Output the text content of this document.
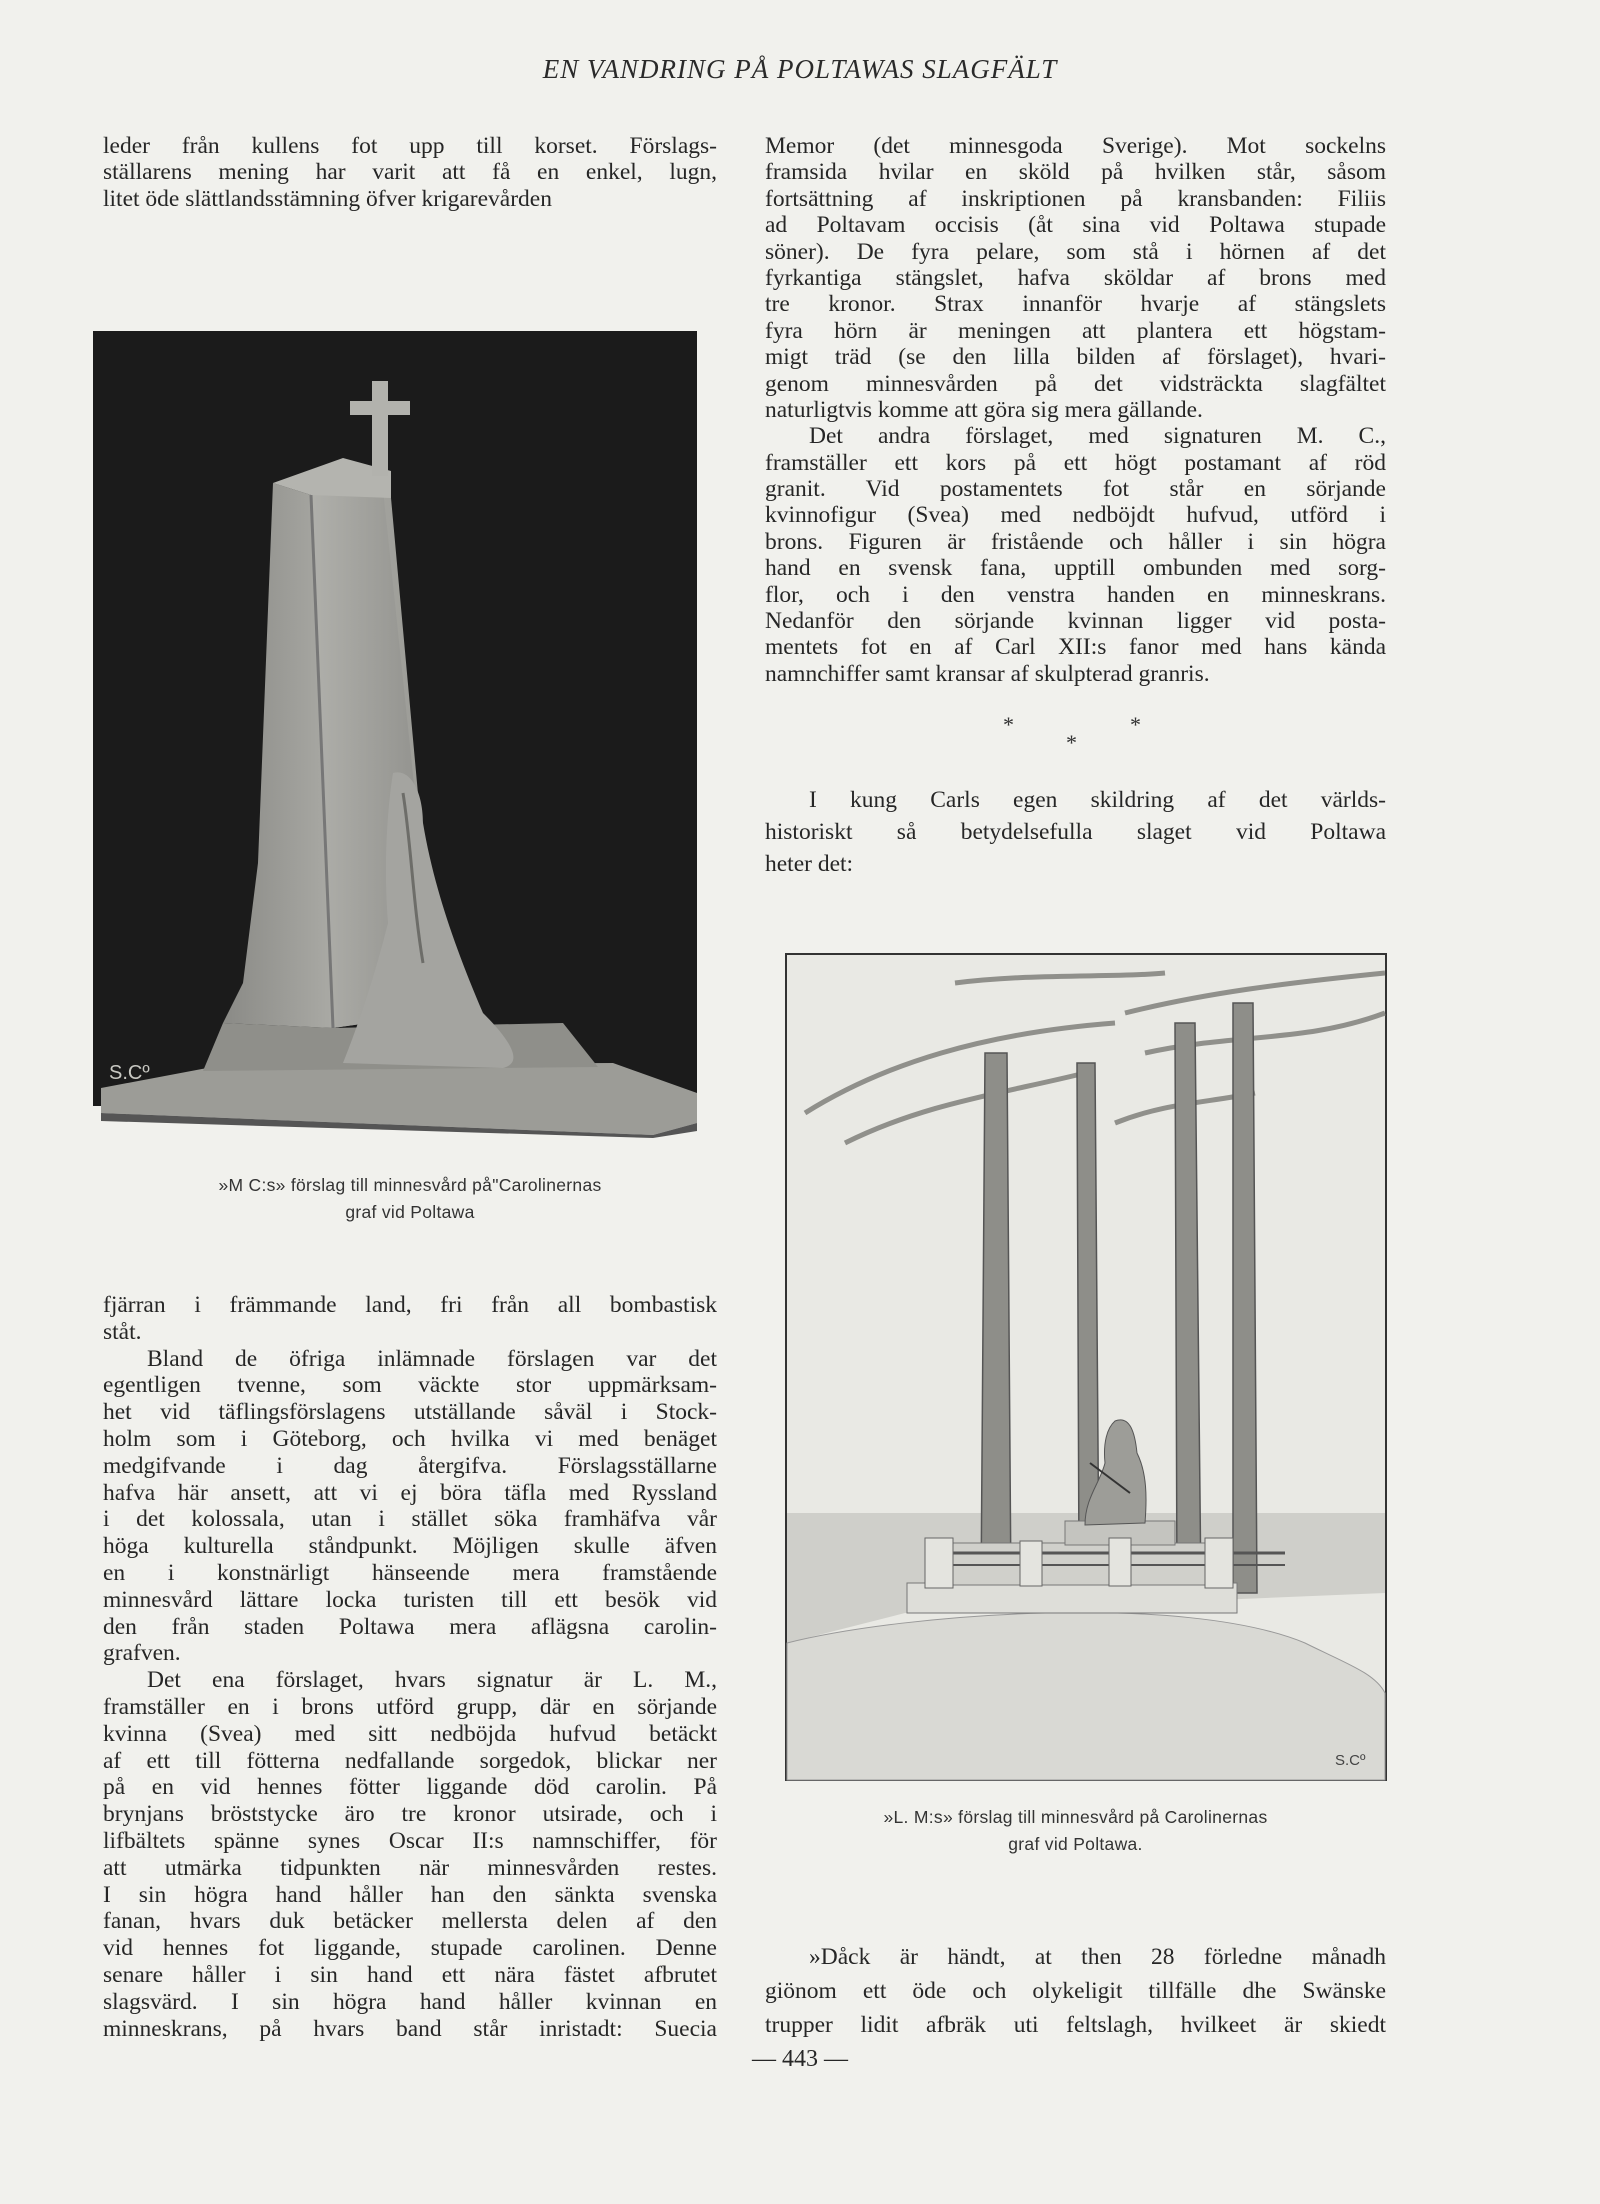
EN VANDRING PÅ POLTAWAS SLAGFÄLT
leder från kullens fot upp till korset. Förslags-
ställarens mening har varit att få en enkel, lugn,
litet öde slättlandsstämning öfver krigarevården
S.Cº
»M C:s» förslag till minnesvård på"Carolinernas
graf vid Poltawa
fjärran i främmande land, fri från all bombastisk
ståt.
Bland de öfriga inlämnade förslagen var det
egentligen tvenne, som väckte stor uppmärksam-
het vid täflingsförslagens utställande såväl i Stock-
holm som i Göteborg, och hvilka vi med benäget
medgifvande i dag återgifva. Förslagsställarne
hafva här ansett, att vi ej böra täfla med Ryssland
i det kolossala, utan i stället söka framhäfva vår
höga kulturella ståndpunkt. Möjligen skulle äfven
en i konstnärligt hänseende mera framstående
minnesvård lättare locka turisten till ett besök vid
den från staden Poltawa mera aflägsna carolin-
grafven.
Det ena förslaget, hvars signatur är L. M.,
framställer en i brons utförd grupp, där en sörjande
kvinna (Svea) med sitt nedböjda hufvud betäckt
af ett till fötterna nedfallande sorgedok, blickar ner
på en vid hennes fötter liggande död carolin. På
brynjans bröststycke äro tre kronor utsirade, och i
lifbältets spänne synes Oscar II:s namnschiffer, för
att utmärka tidpunkten när minnesvården restes.
I sin högra hand håller han den sänkta svenska
fanan, hvars duk betäcker mellersta delen af den
vid hennes fot liggande, stupade carolinen. Denne
senare håller i sin hand ett nära fästet afbrutet
slagsvärd. I sin högra hand håller kvinnan en
minneskrans, på hvars band står inristadt: Suecia
Memor (det minnesgoda Sverige). Mot sockelns
framsida hvilar en sköld på hvilken står, såsom
fortsättning af inskriptionen på kransbanden: Filiis
ad Poltavam occisis (åt sina vid Poltawa stupade
söner). De fyra pelare, som stå i hörnen af det
fyrkantiga stängslet, hafva sköldar af brons med
tre kronor. Strax innanför hvarje af stängslets
fyra hörn är meningen att plantera ett högstam-
migt träd (se den lilla bilden af förslaget), hvari-
genom minnesvården på det vidsträckta slagfältet
naturligtvis komme att göra sig mera gällande.
Det andra förslaget, med signaturen M. C.,
framställer ett kors på ett högt postamant af röd
granit. Vid postamentets fot står en sörjande
kvinnofigur (Svea) med nedböjdt hufvud, utförd i
brons. Figuren är fristående och håller i sin högra
hand en svensk fana, upptill ombunden med sorg-
flor, och i den venstra handen en minneskrans.
Nedanför den sörjande kvinnan ligger vid posta-
mentets fot en af Carl XII:s fanor med hans kända
namnchiffer samt kransar af skulpterad granris.
*	*
*
I kung Carls egen skildring af det världs-
historiskt så betydelsefulla slaget vid Poltawa
heter det:
S.Cº
»L. M:s» förslag till minnesvård på Carolinernas
graf vid Poltawa.
»Dåck är händt, at then 28 förledne månadh
giönom ett öde och olykeligit tillfälle dhe Swänske
trupper lidit afbräk uti feltslagh, hvilkeet är skiedt
— 443 —
